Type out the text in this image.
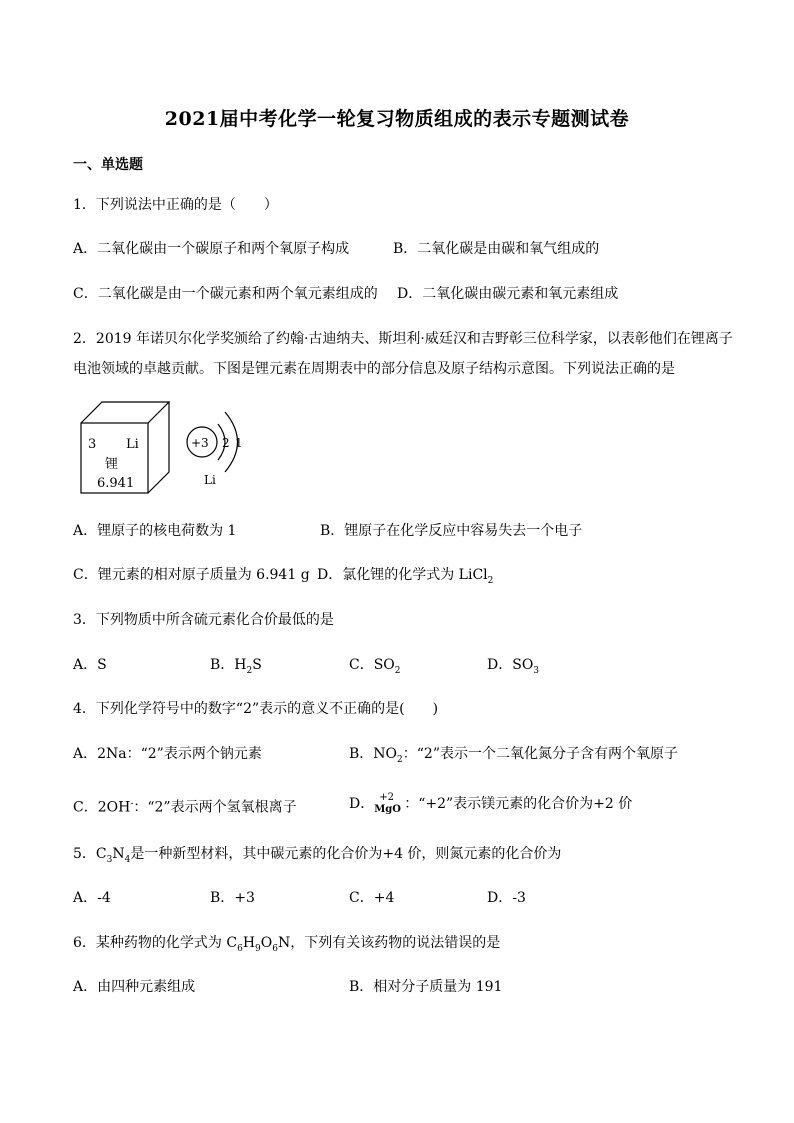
2021届中考化学一轮复习物质组成的表示专题测试卷
一、单选题
1．下列说法中正确的是（　　）
A．二氧化碳由一个碳原子和两个氧原子构成	B．二氧化碳是由碳和氧气组成的
C．二氧化碳是由一个碳元素和两个氧元素组成的 D．二氧化碳由碳元素和氧元素组成
2．2019 年诺贝尔化学奖颁给了约翰·古迪纳夫、斯坦利·威廷汉和吉野彰三位科学家，以表彰他们在锂离子
电池领域的卓越贡献。下图是锂元素在周期表中的部分信息及原子结构示意图。下列说法正确的是
3 Li
锂
6.941
+3 2 1
Li
A．锂原子的核电荷数为 1	B．锂原子在化学反应中容易失去一个电子
C．锂元素的相对原子质量为 6.941 g D．氯化锂的化学式为 LiCl$_2$
3．下列物质中所含硫元素化合价最低的是
A．S	B．$H_2S$	C．$SO_2$	D．$SO_3$
4．下列化学符号中的数字“2”表示的意义不正确的是(　　)
A．2Na：“2”表示两个钠元素	B．$NO_2$：“2”表示一个二氧化氮分子含有两个氧原子
C．2OH-：“2”表示两个氢氧根离子	D． +2
MgO ：“+2”表示镁元素的化合价为+2 价
5．$C_3N_4$是一种新型材料，其中碳元素的化合价为+4 价，则氮元素的化合价为
A．-4	B．+3	C．+4	D．-3
6．某种药物的化学式为 $C_6H_9O_6N$，下列有关该药物的说法错误的是
A．由四种元素组成	B．相对分子质量为 191
